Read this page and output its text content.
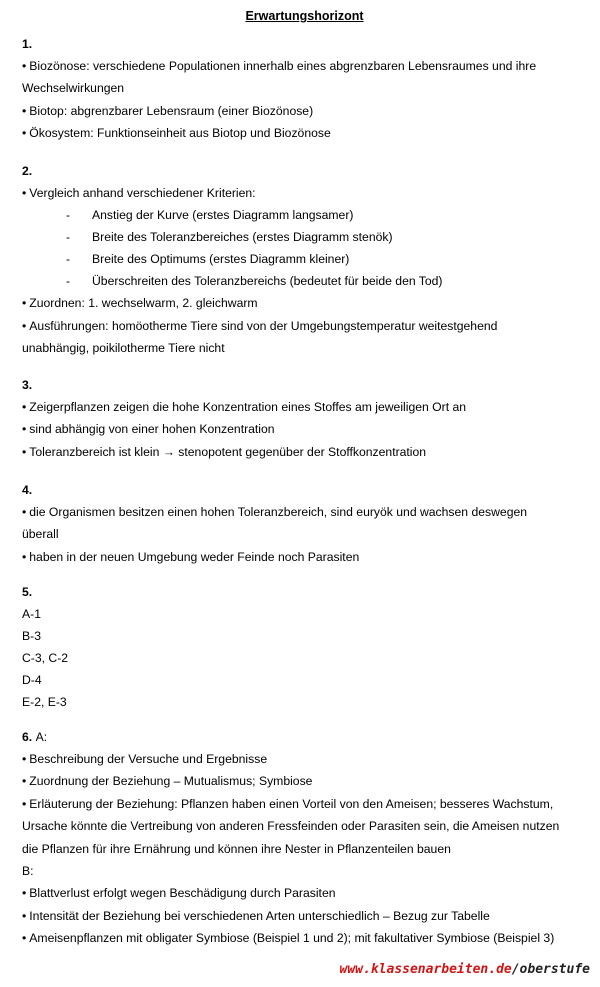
Erwartungshorizont
1.
• Biozönose: verschiedene Populationen innerhalb eines abgrenzbaren Lebensraumes und ihre
Wechselwirkungen
• Biotop: abgrenzbarer Lebensraum (einer Biozönose)
• Ökosystem: Funktionseinheit aus Biotop und Biozönose
2.
• Vergleich anhand verschiedener Kriterien:
- Anstieg der Kurve (erstes Diagramm langsamer)
- Breite des Toleranzbereiches (erstes Diagramm stenök)
- Breite des Optimums (erstes Diagramm kleiner)
- Überschreiten des Toleranzbereichs (bedeutet für beide den Tod)
• Zuordnen: 1. wechselwarm, 2. gleichwarm
• Ausführungen: homöotherme Tiere sind von der Umgebungstemperatur weitestgehend
unabhängig, poikilotherme Tiere nicht
3.
• Zeigerpflanzen zeigen die hohe Konzentration eines Stoffes am jeweiligen Ort an
• sind abhängig von einer hohen Konzentration
• Toleranzbereich ist klein → stenopotent gegenüber der Stoffkonzentration
4.
• die Organismen besitzen einen hohen Toleranzbereich, sind euryök und wachsen deswegen
überall
• haben in der neuen Umgebung weder Feinde noch Parasiten
5.
A-1
B-3
C-3, C-2
D-4
E-2, E-3
6. A:
• Beschreibung der Versuche und Ergebnisse
• Zuordnung der Beziehung – Mutualismus; Symbiose
• Erläuterung der Beziehung: Pflanzen haben einen Vorteil von den Ameisen; besseres Wachstum,
Ursache könnte die Vertreibung von anderen Fressfeinden oder Parasiten sein, die Ameisen nutzen
die Pflanzen für ihre Ernährung und können ihre Nester in Pflanzenteilen bauen
B:
• Blattverlust erfolgt wegen Beschädigung durch Parasiten
• Intensität der Beziehung bei verschiedenen Arten unterschiedlich – Bezug zur Tabelle
• Ameisenpflanzen mit obligater Symbiose (Beispiel 1 und 2); mit fakultativer Symbiose (Beispiel 3)
www.klassenarbeiten.de/oberstufe
